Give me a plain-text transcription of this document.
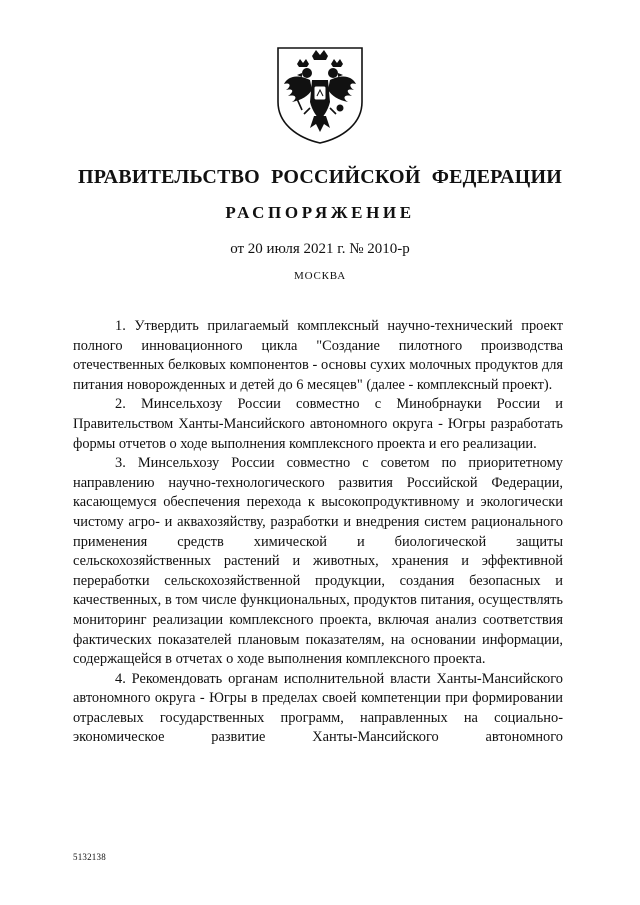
ПРАВИТЕЛЬСТВО РОССИЙСКОЙ ФЕДЕРАЦИИ
РАСПОРЯЖЕНИЕ
от 20 июля 2021 г. № 2010-р
МОСКВА

1. Утвердить прилагаемый комплексный научно-технический проект полного инновационного цикла "Создание пилотного производства отечественных белковых компонентов - основы сухих молочных продуктов для питания новорожденных и детей до 6 месяцев" (далее - комплексный проект).

2. Минсельхозу России совместно с Минобрнауки России и Правительством Ханты-Мансийского автономного округа - Югры разработать формы отчетов о ходе выполнения комплексного проекта и его реализации.

3. Минсельхозу России совместно с советом по приоритетному направлению научно-технологического развития Российской Федерации, касающемуся обеспечения перехода к высокопродуктивному и экологически чистому агро- и аквахозяйству, разработки и внедрения систем рационального применения средств химической и биологической защиты сельскохозяйственных растений и животных, хранения и эффективной переработки сельскохозяйственной продукции, создания безопасных и качественных, в том числе функциональных, продуктов питания, осуществлять мониторинг реализации комплексного проекта, включая анализ соответствия фактических показателей плановым показателям, на основании информации, содержащейся в отчетах о ходе выполнения комплексного проекта.

4. Рекомендовать органам исполнительной власти Ханты-Мансийского автономного округа - Югры в пределах своей компетенции при формировании отраслевых государственных программ, направленных на социально-экономическое развитие Ханты-Мансийского автономного

5132138
